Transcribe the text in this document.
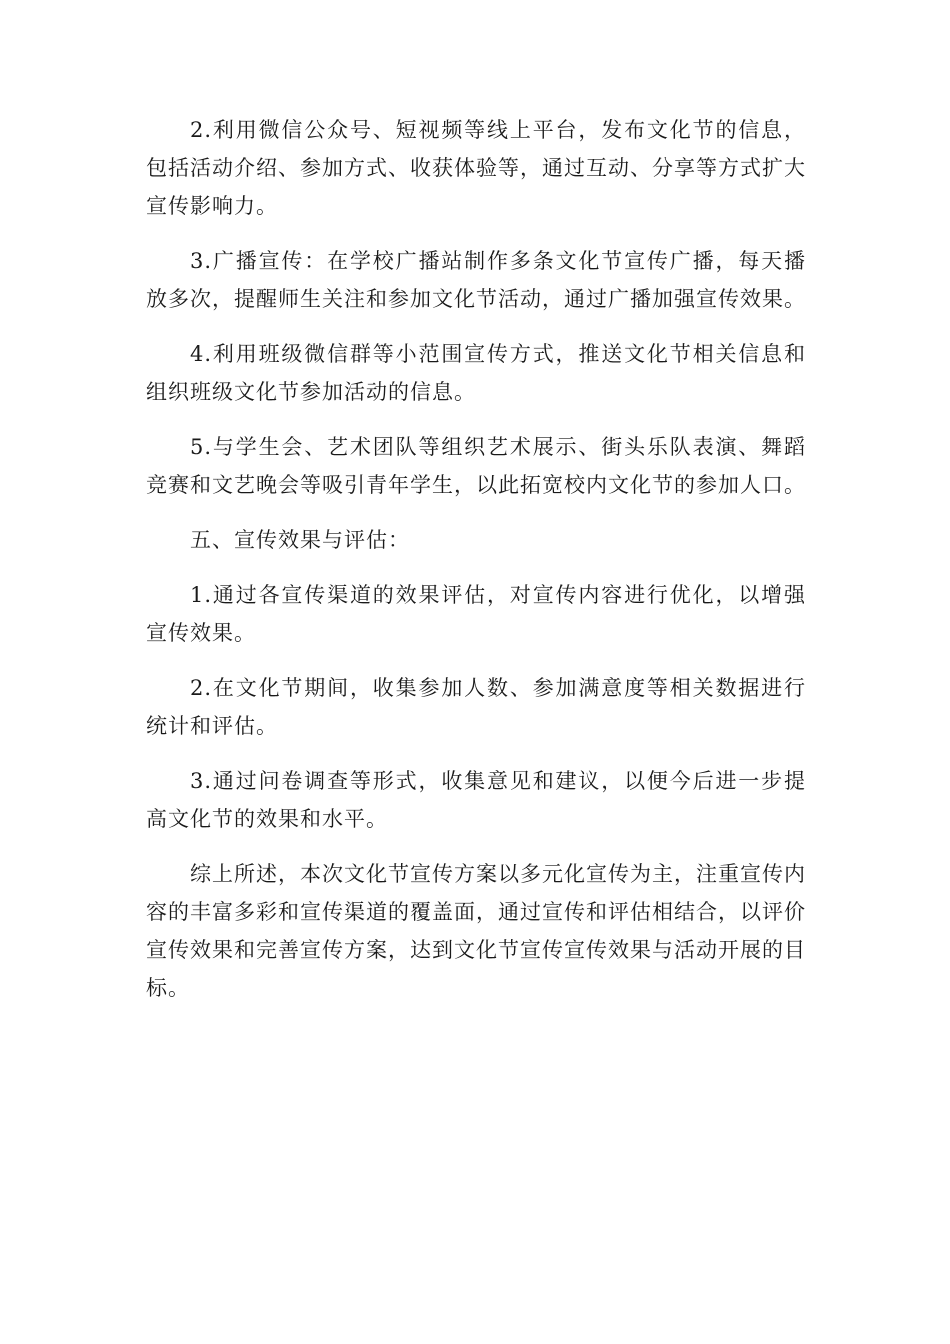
2.利用微信公众号、短视频等线上平台，发布文化节的信息，包括活动介绍、参加方式、收获体验等，通过互动、分享等方式扩大宣传影响力。

3.广播宣传：在学校广播站制作多条文化节宣传广播，每天播放多次，提醒师生关注和参加文化节活动，通过广播加强宣传效果。

4.利用班级微信群等小范围宣传方式，推送文化节相关信息和组织班级文化节参加活动的信息。

5.与学生会、艺术团队等组织艺术展示、街头乐队表演、舞蹈竞赛和文艺晚会等吸引青年学生，以此拓宽校内文化节的参加人口。

五、宣传效果与评估：

1.通过各宣传渠道的效果评估，对宣传内容进行优化，以增强宣传效果。

2.在文化节期间，收集参加人数、参加满意度等相关数据进行统计和评估。

3.通过问卷调查等形式，收集意见和建议，以便今后进一步提高文化节的效果和水平。

综上所述，本次文化节宣传方案以多元化宣传为主，注重宣传内容的丰富多彩和宣传渠道的覆盖面，通过宣传和评估相结合，以评价宣传效果和完善宣传方案，达到文化节宣传宣传效果与活动开展的目标。
